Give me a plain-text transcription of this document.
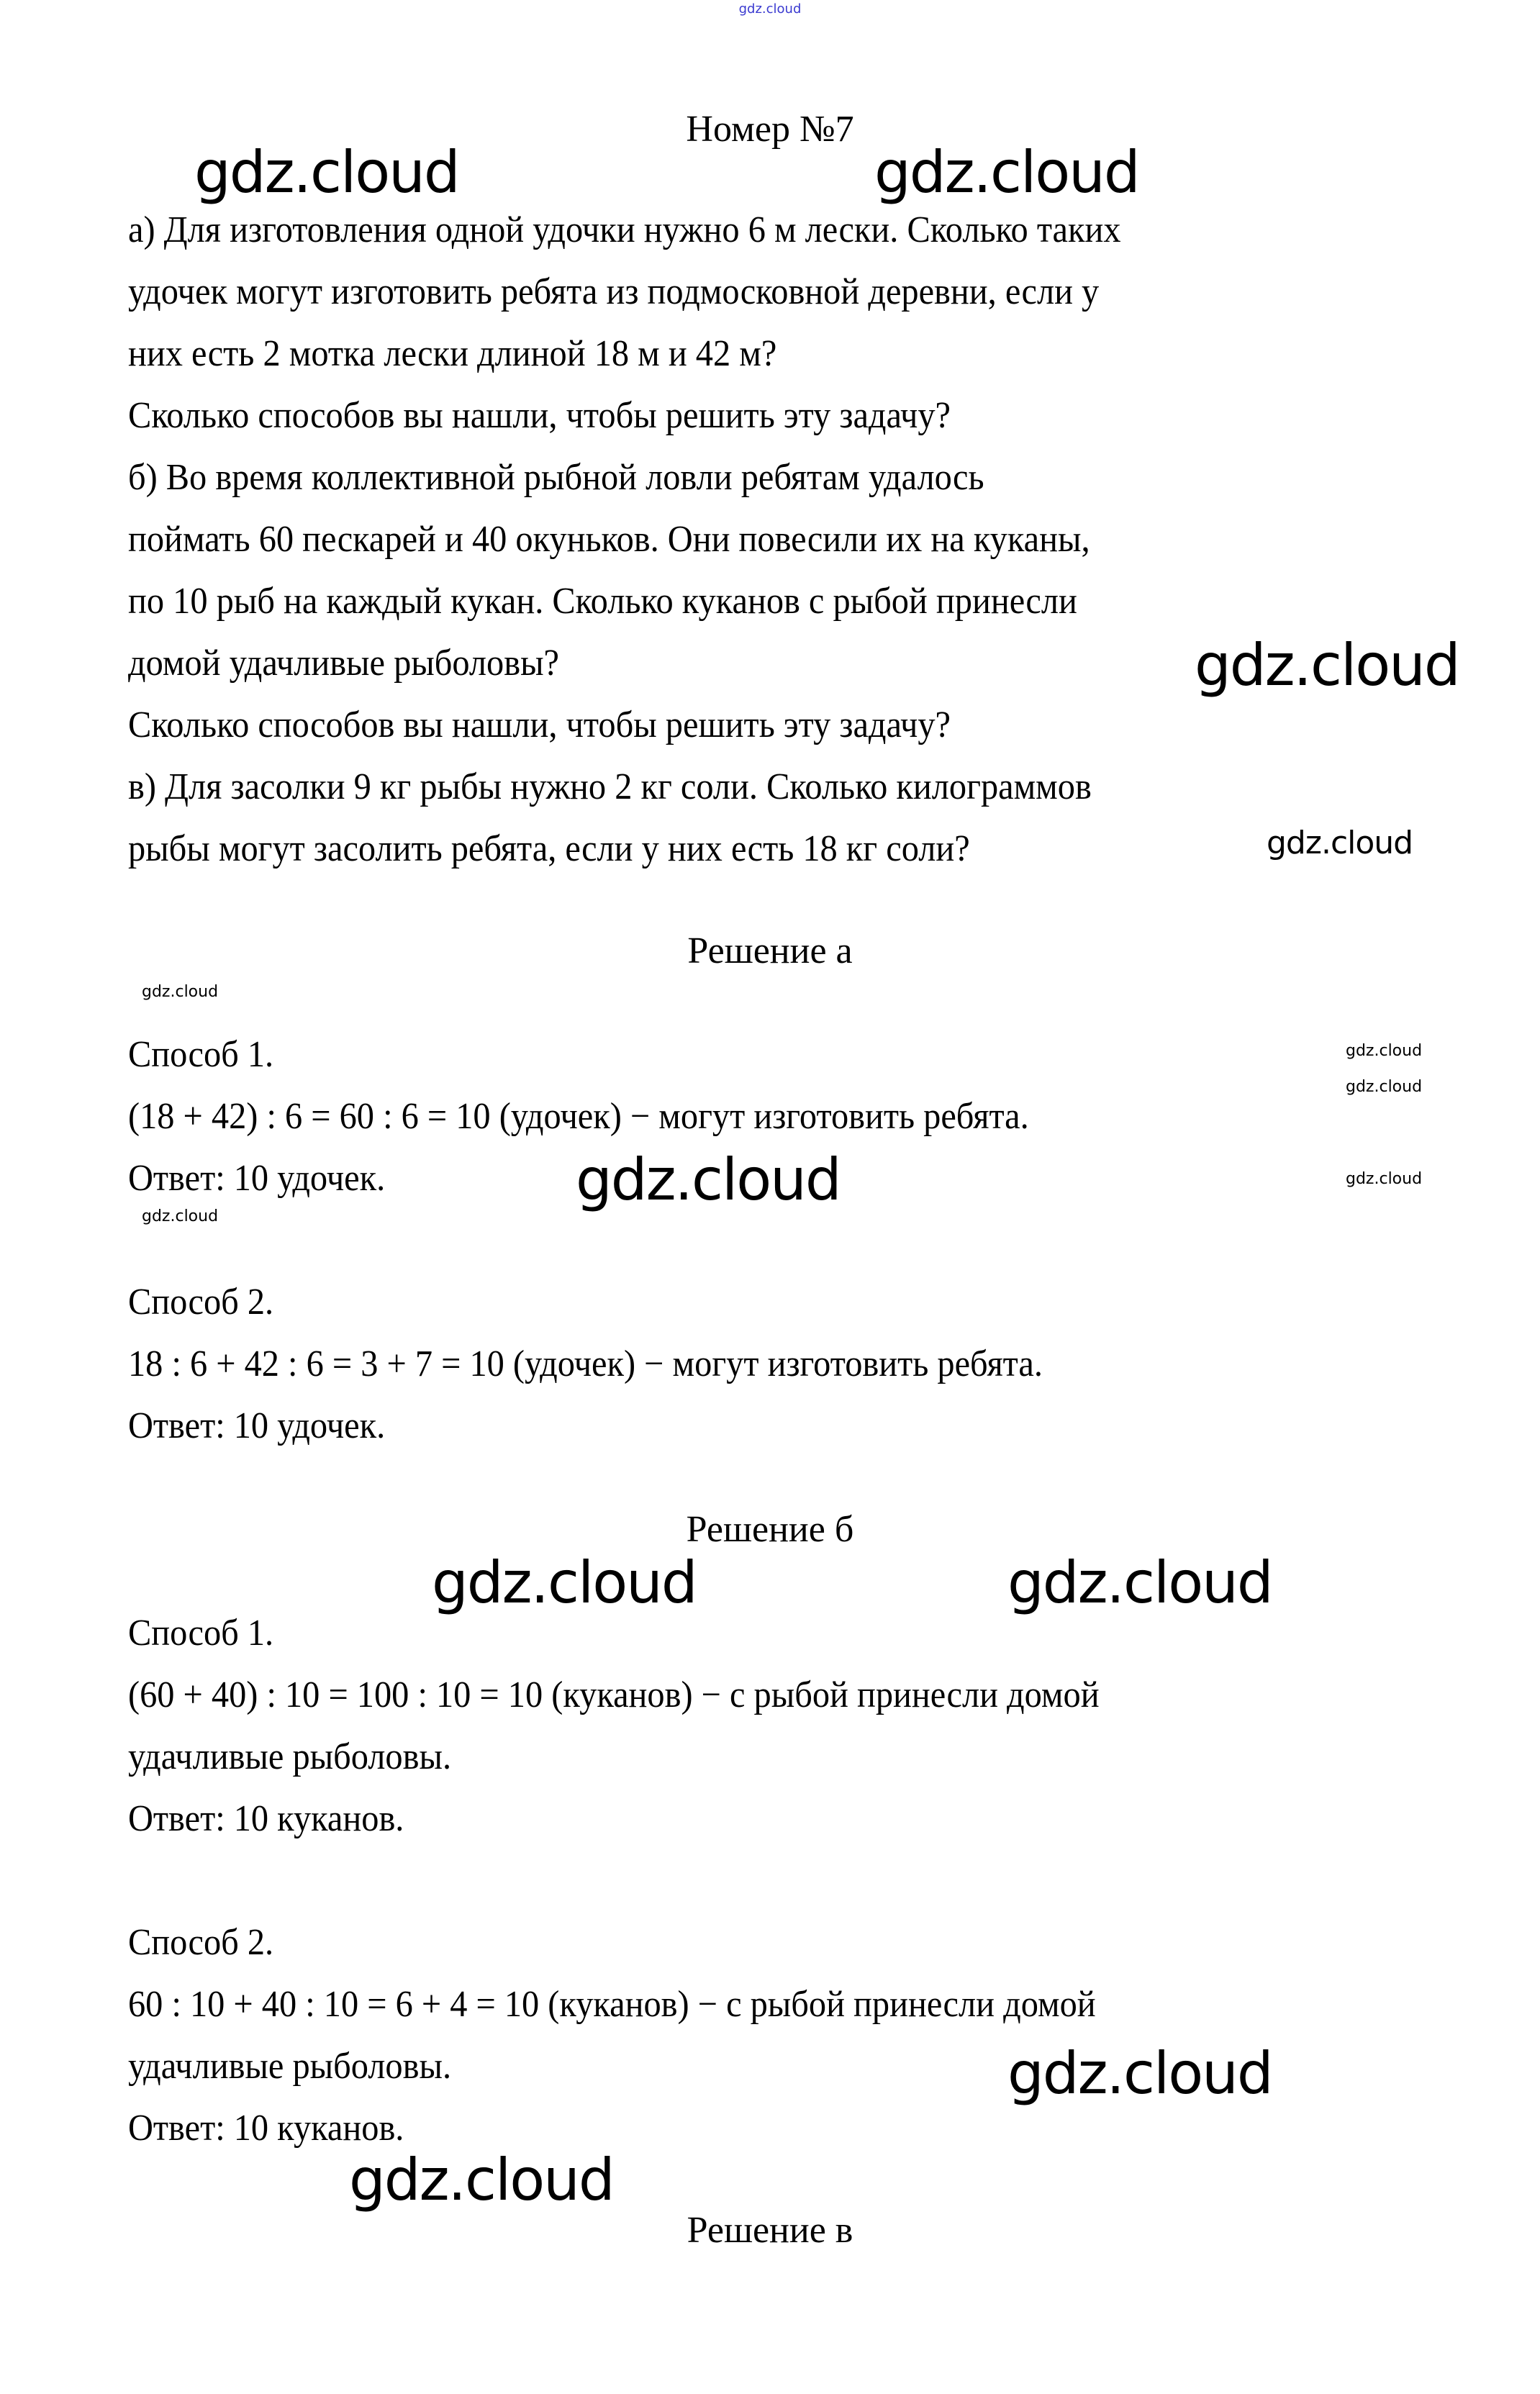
gdz.cloud
Номер №7
а) Для изготовления одной удочки нужно 6 м лески. Сколько таких
удочек могут изготовить ребята из подмосковной деревни, если у
них есть 2 мотка лески длиной 18 м и 42 м?
Сколько способов вы нашли, чтобы решить эту задачу?
б) Во время коллективной рыбной ловли ребятам удалось
поймать 60 пескарей и 40 окуньков. Они повесили их на куканы,
по 10 рыб на каждый кукан. Сколько куканов с рыбой принесли
домой удачливые рыболовы?
Сколько способов вы нашли, чтобы решить эту задачу?
в) Для засолки 9 кг рыбы нужно 2 кг соли. Сколько килограммов
рыбы могут засолить ребята, если у них есть 18 кг соли?
Решение а
Способ 1.
(18 + 42) : 6 = 60 : 6 = 10 (удочек) − могут изготовить ребята.
Ответ: 10 удочек.
Способ 2.
18 : 6 + 42 : 6 = 3 + 7 = 10 (удочек) − могут изготовить ребята.
Ответ: 10 удочек.
Решение б
Способ 1.
(60 + 40) : 10 = 100 : 10 = 10 (куканов) − с рыбой принесли домой
удачливые рыболовы.
Ответ: 10 куканов.
Способ 2.
60 : 10 + 40 : 10 = 6 + 4 = 10 (куканов) − с рыбой принесли домой
удачливые рыболовы.
Ответ: 10 куканов.
Решение в
gdz.cloud	gdz.cloud
gdz.cloud
gdz.cloud
gdz.cloud
gdz.cloud
gdz.cloud
gdz.cloud	gdz.cloud
gdz.cloud
gdz.cloud	gdz.cloud
gdz.cloud
gdz.cloud
